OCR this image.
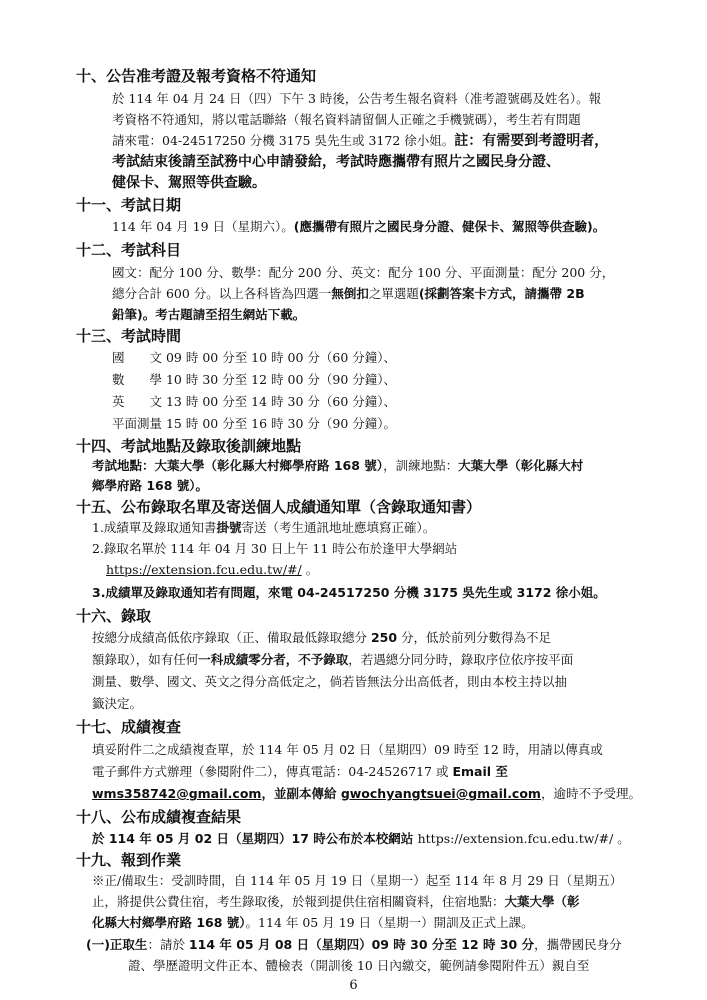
十、公告准考證及報考資格不符通知
於 114 年 04 月 24 日（四）下午 3 時後，公告考生報名資料（准考證號碼及姓名）。報
考資格不符通知，將以電話聯絡（報名資料請留個人正確之手機號碼），考生若有問題
請來電：04-24517250 分機 3175 吳先生或 3172 徐小姐。註：有需要到考證明者，
考試結束後請至試務中心申請發給，考試時應攜帶有照片之國民身分證、
健保卡、駕照等供查驗。
十一、考試日期
114 年 04 月 19 日（星期六）。(應攜帶有照片之國民身分證、健保卡、駕照等供查驗)。
十二、考試科目
國文：配分 100 分、數學：配分 200 分、英文：配分 100 分、平面測量：配分 200 分，
總分合計 600 分。以上各科皆為四選一無倒扣之單選題(採劃答案卡方式，請攜帶 2B
鉛筆)。考古題請至招生網站下載。
十三、考試時間
國　　文 09 時 00 分至 10 時 00 分（60 分鐘）、
數　　學 10 時 30 分至 12 時 00 分（90 分鐘）、
英　　文 13 時 00 分至 14 時 30 分（60 分鐘）、
平面測量 15 時 00 分至 16 時 30 分（90 分鐘）。
十四、考試地點及錄取後訓練地點
考試地點：大葉大學（彰化縣大村鄉學府路 168 號），訓練地點：大葉大學（彰化縣大村
鄉學府路 168 號）。
十五、公布錄取名單及寄送個人成績通知單（含錄取通知書）
1.成績單及錄取通知書掛號寄送（考生通訊地址應填寫正確）。
2.錄取名單於 114 年 04 月 30 日上午 11 時公布於逢甲大學網站
https://extension.fcu.edu.tw/#/ 。
3.成績單及錄取通知若有問題，來電 04-24517250 分機 3175 吳先生或 3172 徐小姐。
十六、錄取
按總分成績高低依序錄取（正、備取最低錄取總分 250 分，低於前列分數得為不足
額錄取），如有任何一科成績零分者，不予錄取，若遇總分同分時，錄取序位依序按平面
測量、數學、國文、英文之得分高低定之，倘若皆無法分出高低者，則由本校主持以抽
籤決定。
十七、成績複查
填妥附件二之成績複查單，於 114 年 05 月 02 日（星期四）09 時至 12 時，用請以傳真或
電子郵件方式辦理（參閱附件二），傳真電話：04-24526717 或 Email 至
wms358742@gmail.com，並副本傳給 gwochyangtsuei@gmail.com，逾時不予受理。
十八、公布成績複查結果
於 114 年 05 月 02 日（星期四）17 時公布於本校網站 https://extension.fcu.edu.tw/#/ 。
十九、報到作業
※正/備取生：受訓時間，自 114 年 05 月 19 日（星期一）起至 114 年 8 月 29 日（星期五）
止，將提供公費住宿，考生錄取後，於報到提供住宿相關資料，住宿地點：大葉大學（彰
化縣大村鄉學府路 168 號）。114 年 05 月 19 日（星期一）開訓及正式上課。
(一)正取生：請於 114 年 05 月 08 日（星期四）09 時 30 分至 12 時 30 分，攜帶國民身分
證、學歷證明文件正本、體檢表（開訓後 10 日內繳交，範例請參閱附件五）親自至
6
